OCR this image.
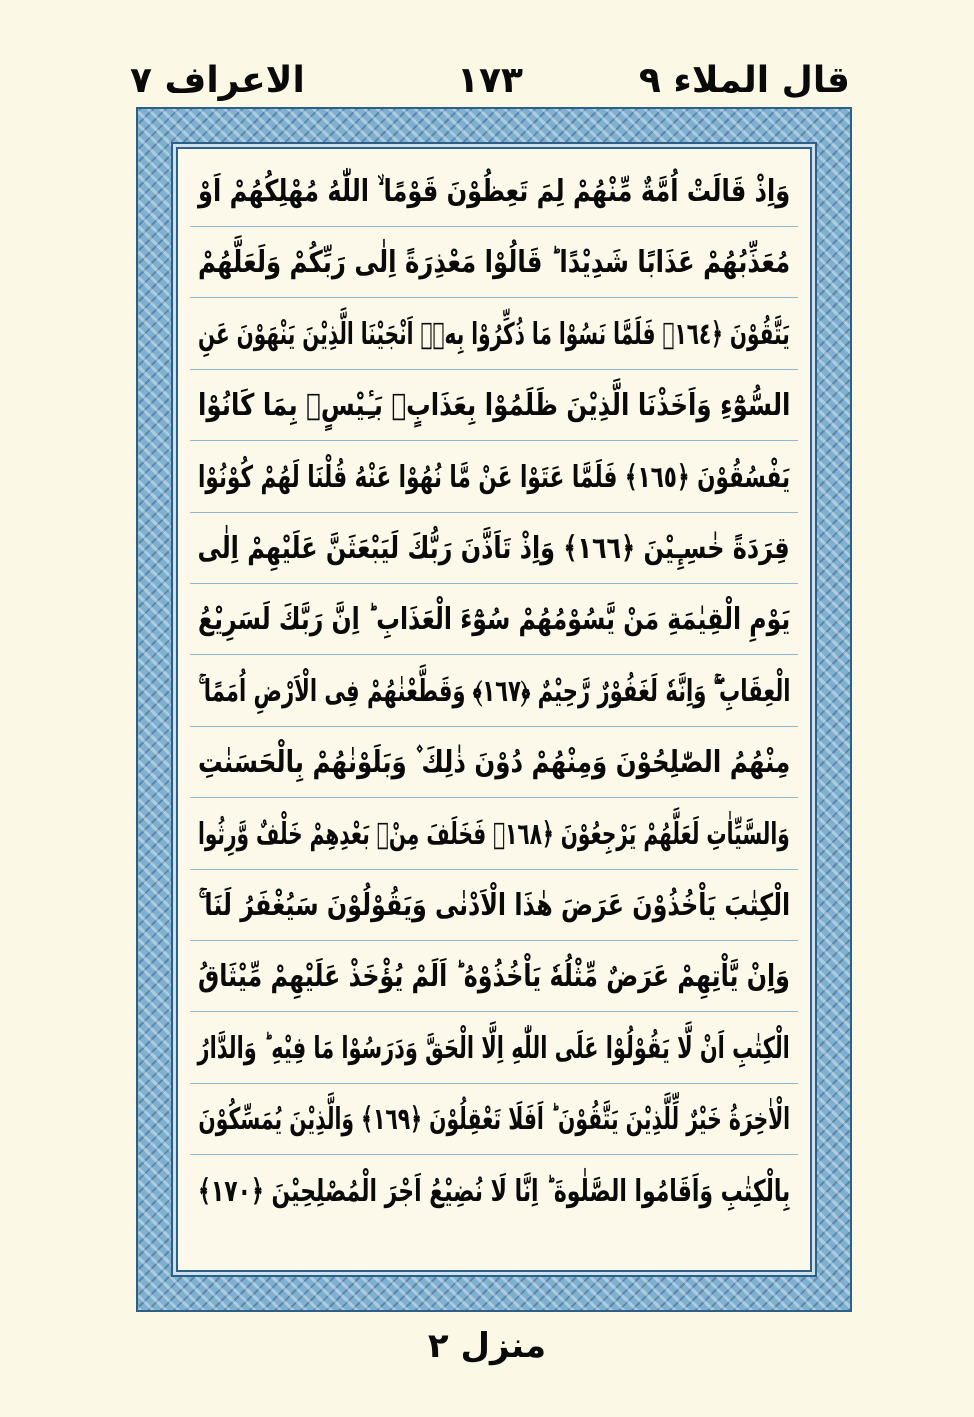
قال الملاء ٩
١٧٣
الاعراف ٧
وَاِذْ قَالَتْ اُمَّةٌ مِّنْهُمْ لِمَ تَعِظُوْنَ قَوْمًا ۙ اللّٰهُ مُهْلِكُهُمْ اَوْ
مُعَذِّبُهُمْ عَذَابًا شَدِيْدًا ؕ قَالُوْا مَعْذِرَةً اِلٰى رَبِّكُمْ وَلَعَلَّهُمْ
يَتَّقُوْنَ ﴿١٦٤﴾ فَلَمَّا نَسُوْا مَا ذُكِّرُوْا بِهٖۤ اَنْجَيْنَا الَّذِيْنَ يَنْهَوْنَ عَنِ
السُّوْٓءِ وَاَخَذْنَا الَّذِيْنَ ظَلَمُوْا بِعَذَابٍۭ بَـِٔيْسٍۭ بِمَا كَانُوْا
يَفْسُقُوْنَ ﴿١٦٥﴾ فَلَمَّا عَتَوْا عَنْ مَّا نُهُوْا عَنْهُ قُلْنَا لَهُمْ كُوْنُوْا
قِرَدَةً خٰسِـِٕيْنَ ﴿١٦٦﴾ وَاِذْ تَاَذَّنَ رَبُّكَ لَيَبْعَثَنَّ عَلَيْهِمْ اِلٰى
يَوْمِ الْقِيٰمَةِ مَنْ يَّسُوْمُهُمْ سُوْٓءَ الْعَذَابِ ؕ اِنَّ رَبَّكَ لَسَرِيْعُ
الْعِقَابِ ۖۚ وَاِنَّهٗ لَغَفُوْرٌ رَّحِيْمٌ ﴿١٦٧﴾ وَقَطَّعْنٰهُمْ فِى الْاَرْضِ اُمَمًا ۚ
مِنْهُمُ الصّٰلِحُوْنَ وَمِنْهُمْ دُوْنَ ذٰلِكَ ۫ وَبَلَوْنٰهُمْ بِالْحَسَنٰتِ
وَالسَّيِّاٰتِ لَعَلَّهُمْ يَرْجِعُوْنَ ﴿١٦٨﴾ فَخَلَفَ مِنْۢ بَعْدِهِمْ خَلْفٌ وَّرِثُوا
الْكِتٰبَ يَاْخُذُوْنَ عَرَضَ هٰذَا الْاَدْنٰى وَيَقُوْلُوْنَ سَيُغْفَرُ لَنَا ۚ
وَاِنْ يَّاْتِهِمْ عَرَضٌ مِّثْلُهٗ يَاْخُذُوْهُ ؕ اَلَمْ يُؤْخَذْ عَلَيْهِمْ مِّيْثَاقُ
الْكِتٰبِ اَنْ لَّا يَقُوْلُوْا عَلَى اللّٰهِ اِلَّا الْحَقَّ وَدَرَسُوْا مَا فِيْهِ ؕ وَالدَّارُ
الْاٰخِرَةُ خَيْرٌ لِّلَّذِيْنَ يَتَّقُوْنَ ؕ اَفَلَا تَعْقِلُوْنَ ﴿١٦٩﴾ وَالَّذِيْنَ يُمَسِّكُوْنَ
بِالْكِتٰبِ وَاَقَامُوا الصَّلٰوةَ ؕ اِنَّا لَا نُضِيْعُ اَجْرَ الْمُصْلِحِيْنَ ﴿١٧٠﴾
منزل ٢
